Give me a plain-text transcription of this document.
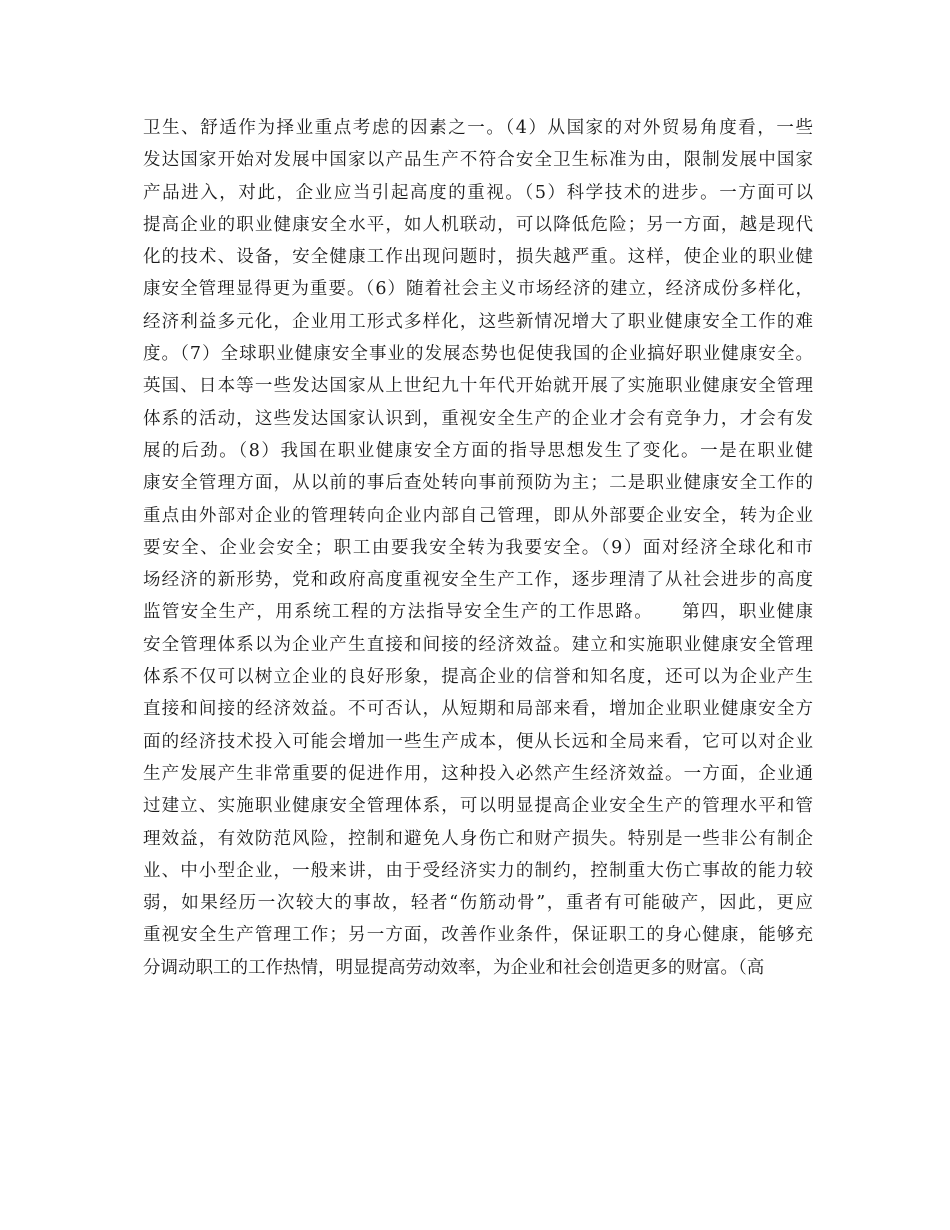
卫生、舒适作为择业重点考虑的因素之一。（4）从国家的对外贸易角度看，一些
发达国家开始对发展中国家以产品生产不符合安全卫生标准为由，限制发展中国家
产品进入，对此，企业应当引起高度的重视。（5）科学技术的进步。一方面可以
提高企业的职业健康安全水平，如人机联动，可以降低危险；另一方面，越是现代
化的技术、设备，安全健康工作出现问题时，损失越严重。这样，使企业的职业健
康安全管理显得更为重要。（6）随着社会主义市场经济的建立，经济成份多样化，
经济利益多元化，企业用工形式多样化，这些新情况增大了职业健康安全工作的难
度。（7）全球职业健康安全事业的发展态势也促使我国的企业搞好职业健康安全。
英国、日本等一些发达国家从上世纪九十年代开始就开展了实施职业健康安全管理
体系的活动，这些发达国家认识到，重视安全生产的企业才会有竞争力，才会有发
展的后劲。（8）我国在职业健康安全方面的指导思想发生了变化。一是在职业健
康安全管理方面，从以前的事后查处转向事前预防为主；二是职业健康安全工作的
重点由外部对企业的管理转向企业内部自己管理，即从外部要企业安全，转为企业
要安全、企业会安全；职工由要我安全转为我要安全。（9）面对经济全球化和市
场经济的新形势，党和政府高度重视安全生产工作，逐步理清了从社会进步的高度
监管安全生产，用系统工程的方法指导安全生产的工作思路。　　第四，职业健康
安全管理体系以为企业产生直接和间接的经济效益。建立和实施职业健康安全管理
体系不仅可以树立企业的良好形象，提高企业的信誉和知名度，还可以为企业产生
直接和间接的经济效益。不可否认，从短期和局部来看，增加企业职业健康安全方
面的经济技术投入可能会增加一些生产成本，便从长远和全局来看，它可以对企业
生产发展产生非常重要的促进作用，这种投入必然产生经济效益。一方面，企业通
过建立、实施职业健康安全管理体系，可以明显提高企业安全生产的管理水平和管
理效益，有效防范风险，控制和避免人身伤亡和财产损失。特别是一些非公有制企
业、中小型企业，一般来讲，由于受经济实力的制约，控制重大伤亡事故的能力较
弱，如果经历一次较大的事故，轻者“伤筋动骨”，重者有可能破产，因此，更应
重视安全生产管理工作；另一方面，改善作业条件，保证职工的身心健康，能够充
分调动职工的工作热情，明显提高劳动效率，为企业和社会创造更多的财富。（高
